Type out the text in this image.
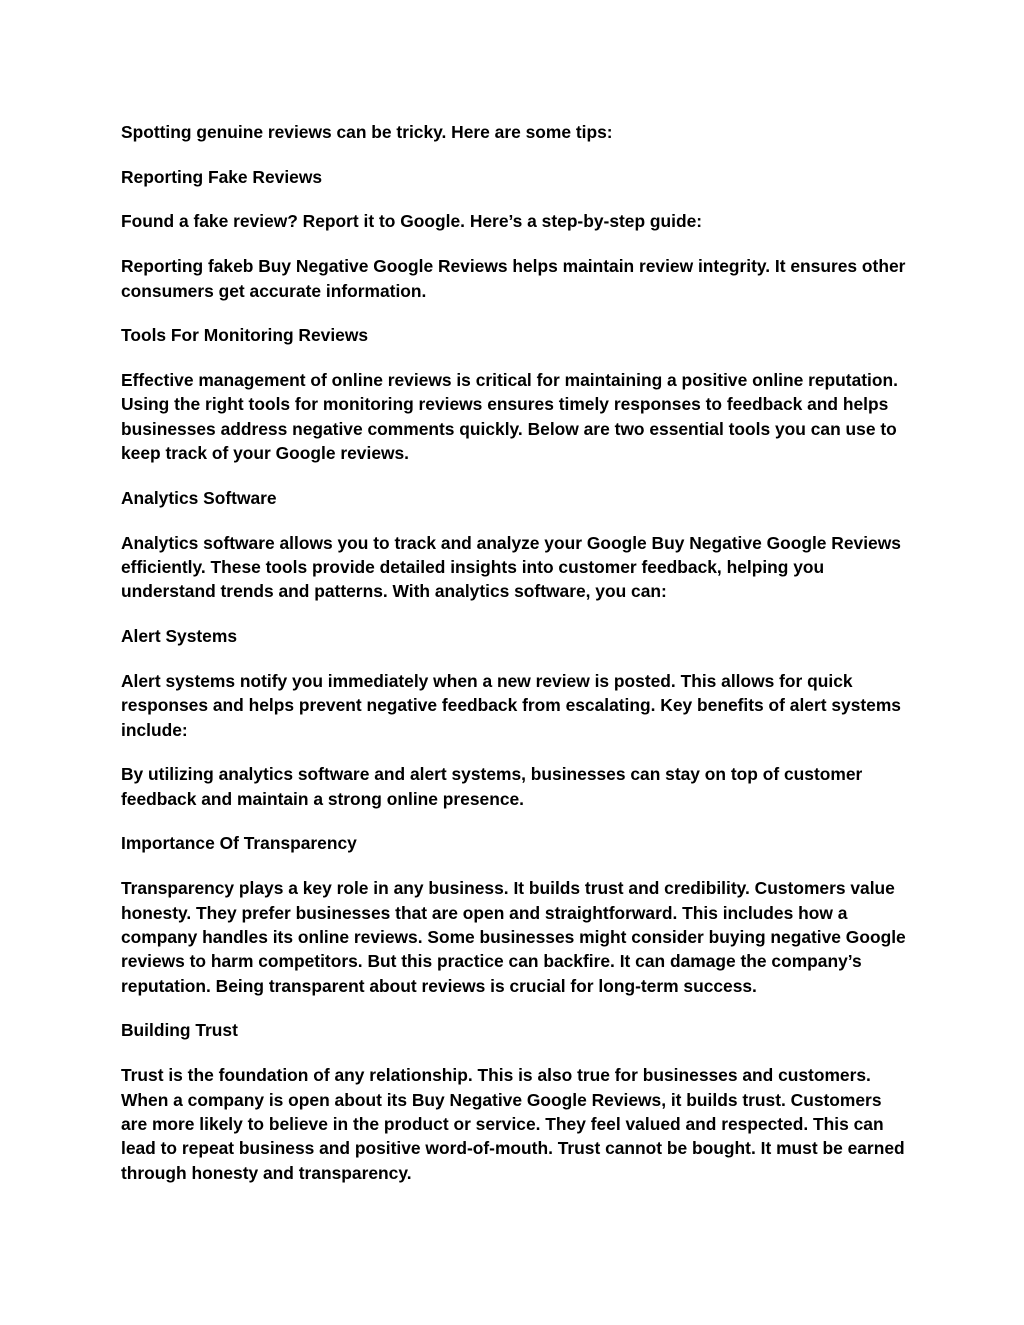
Spotting genuine reviews can be tricky. Here are some tips:

Reporting Fake Reviews

Found a fake review? Report it to Google. Here’s a step-by-step guide:

Reporting fakeb Buy Negative Google Reviews helps maintain review integrity. It ensures other consumers get accurate information.

Tools For Monitoring Reviews

Effective management of online reviews is critical for maintaining a positive online reputation. Using the right tools for monitoring reviews ensures timely responses to feedback and helps businesses address negative comments quickly. Below are two essential tools you can use to keep track of your Google reviews.

Analytics Software

Analytics software allows you to track and analyze your Google Buy Negative Google Reviews efficiently. These tools provide detailed insights into customer feedback, helping you understand trends and patterns. With analytics software, you can:

Alert Systems

Alert systems notify you immediately when a new review is posted. This allows for quick responses and helps prevent negative feedback from escalating. Key benefits of alert systems include:

By utilizing analytics software and alert systems, businesses can stay on top of customer feedback and maintain a strong online presence.

Importance Of Transparency

Transparency plays a key role in any business. It builds trust and credibility. Customers value honesty. They prefer businesses that are open and straightforward. This includes how a company handles its online reviews. Some businesses might consider buying negative Google reviews to harm competitors. But this practice can backfire. It can damage the company’s reputation. Being transparent about reviews is crucial for long-term success.

Building Trust

Trust is the foundation of any relationship. This is also true for businesses and customers. When a company is open about its Buy Negative Google Reviews, it builds trust. Customers are more likely to believe in the product or service. They feel valued and respected. This can lead to repeat business and positive word-of-mouth. Trust cannot be bought. It must be earned through honesty and transparency.
